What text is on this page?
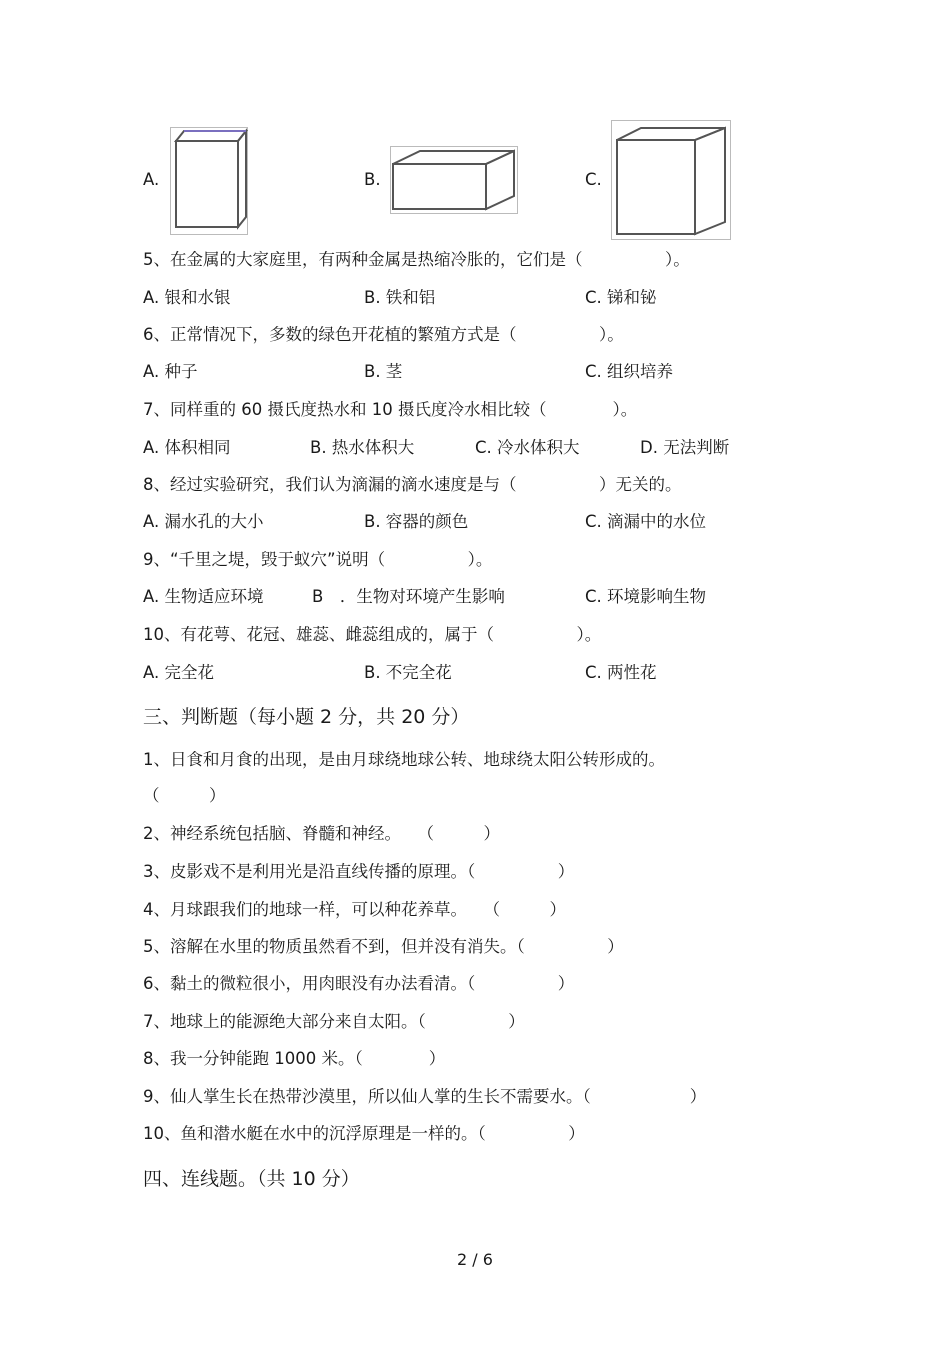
A.	B.	C.
5、在金属的大家庭里，有两种金属是热缩冷胀的，它们是（　　　　　）。
A. 银和水银	B. 铁和铝	C. 锑和铋
6、正常情况下，多数的绿色开花植的繁殖方式是（　　　　　）。
A. 种子	B. 茎	C. 组织培养
7、同样重的 60 摄氏度热水和 10 摄氏度冷水相比较（　　　　）。
A. 体积相同	B. 热水体积大	C. 冷水体积大	D. 无法判断
8、经过实验研究，我们认为滴漏的滴水速度是与（　　　　　）无关的。
A. 漏水孔的大小	B. 容器的颜色	C. 滴漏中的水位
9、“千里之堤，毁于蚁穴”说明（　　　　　）。
A. 生物适应环境	B　．生物对环境产生影响	C. 环境影响生物
10、有花萼、花冠、雄蕊、雌蕊组成的，属于（　　　　　）。
A. 完全花	B. 不完全花	C. 两性花
三、判断题（每小题 2 分，共 20 分）
1、日食和月食的出现，是由月球绕地球公转、地球绕太阳公转形成的。
（　　　）
2、神经系统包括脑、脊髓和神经。　　（　　　）
3、皮影戏不是利用光是沿直线传播的原理。（　　　　　）
4、月球跟我们的地球一样，可以种花养草。　　（　　　）
5、溶解在水里的物质虽然看不到，但并没有消失。（　　　　　）
6、黏土的微粒很小，用肉眼没有办法看清。（　　　　　）
7、地球上的能源绝大部分来自太阳。（　　　　　）
8、我一分钟能跑 1000 米。（　　　　）
9、仙人掌生长在热带沙漠里，所以仙人掌的生长不需要水。（　　　　　　）
10、鱼和潜水艇在水中的沉浮原理是一样的。（　　　　　）
四、连线题。（共 10 分）
2 / 6
